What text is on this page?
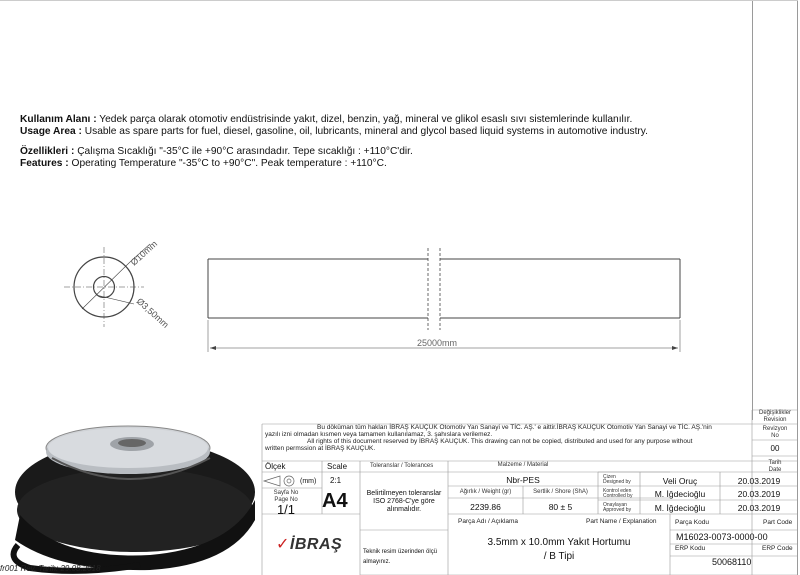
Kullanım Alanı : Yedek parça olarak otomotiv endüstrisinde yakıt, dizel, benzin, yağ, mineral ve glikol esaslı sıvı sistemlerinde kullanılır.
Usage Area : Usable as spare parts for fuel, diesel, gasoline, oil, lubricants, mineral and glycol based liquid systems in automotive industry.
Özellikleri : Çalışma Sıcaklığı "-35°C ile +90°C arasındadır. Tepe sıcaklığı : +110°C'dir.
Features : Operating Temperature "-35°C to +90°C". Peak temperature : +110°C.
Ø10mm
Ø3,50mm
25000mm
Değişiklikler
Revision
Revizyon
No
00
Tarih
Date
Bu döküman tüm hakları İBRAŞ KAUÇUK Otomotiv Yan Sanayi ve TİC. AŞ.' e aittir.İBRAŞ KAUÇUK Otomotiv Yan Sanayi ve TİC. AŞ.'nin
yazılı izni olmadan kısmen veya tamamen kullanılamaz, 3. şahıslara verilemez.
All rights of this document reserved by İBRAŞ KAUÇUK. This drawing can not be copied, distributed and used for any purpose without
written permssion at İBRAŞ KAUÇUK.
Ölçek	Scale
(mm) 2:1
Sayfa No
Page No
1/1	A4
Toleranslar / Tolerances
Belirtilmeyen toleranslar
ISO 2768-C'ye göre
alınmalıdır.
Teknik resim üzerinden ölçü
almayınız.
Malzeme / Material
Nbr-PES
Ağırlık / Weight (gr)
2239.86
Sertlik / Shore (ShA)
80 ± 5
Çizen
Designed by	Veli Oruç	20.03.2019
Kontrol eden
Controlled by	M. İğdecioğlu	20.03.2019
Onaylayan
Approved by	M. İğdecioğlu	20.03.2019
Parça Adı / Açıklama	Part Name / Explanation
3.5mm x 10.0mm Yakıt Hortumu
/ B Tipi
Parça Kodu	Part Code
M16023-0073-0000-00
ERP Kodu	ERP Code
50068110
✓İBRAŞ
fr001 Rev. Tarih: 29.08.2018
